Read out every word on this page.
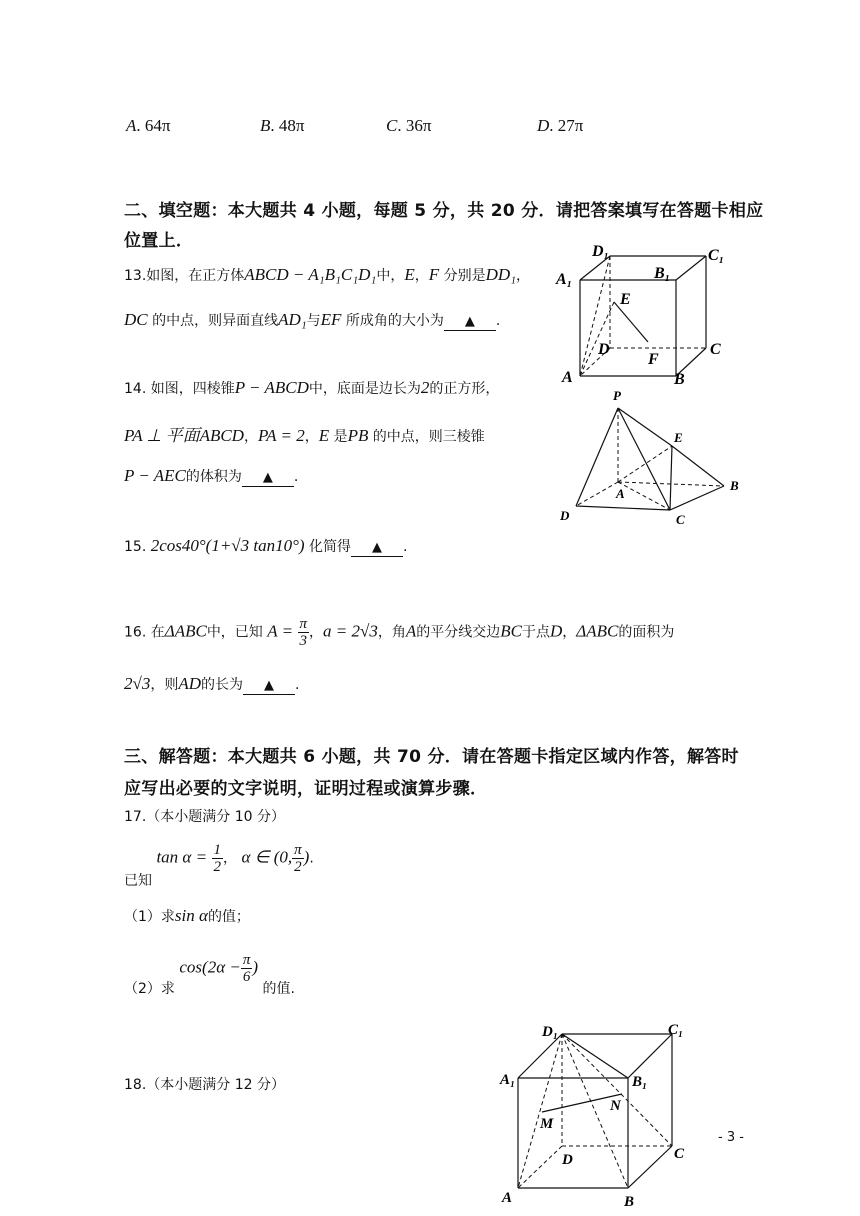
A. 64π	B. 48π	C. 36π	D. 27π
二、填空题：本大题共 4 小题，每题 5 分，共 20 分．请把答案填写在答题卡相应
位置上．
13.如图，在正方体ABCD − A₁B₁C₁D₁中，E，F 分别是DD₁，
DC 的中点，则异面直线AD₁与EF 所成角的大小为 ▲ .
14. 如图，四棱锥P − ABCD中，底面是边长为2的正方形，
PA ⊥ 平面ABCD，PA = 2，E 是PB 的中点，则三棱锥
P − AEC的体积为 ▲ .
15. 2cos40°(1+√3 tan10°) 化简得 ▲ .
16. 在ΔABC中，已知 $A = \frac{\pi}{3}$ ，a = 2√3，角A的平分线交边BC于点D，ΔABC的面积为
2√3，则AD的长为 ▲ .
三、解答题：本大题共 6 小题，共 70 分．请在答题卡指定区域内作答，解答时
应写出必要的文字说明，证明过程或演算步骤．
17.（本小题满分 10 分）
已知 $\tan \alpha = \frac{1}{2}$ ， α ∈ (0, $\frac{\pi}{2}$ ).
（1）求sin α的值；
（2）求 $\cos(2\alpha - \frac{\pi}{6}$ ) 的值.
18.（本小题满分 12 分）
- 3 -
D₁	C₁
A₁	B₁
E
D	C
F
A	B
P
E
A
B
D	C
D₁	C₁
A₁	B₁
N
M
D	C
A	B
